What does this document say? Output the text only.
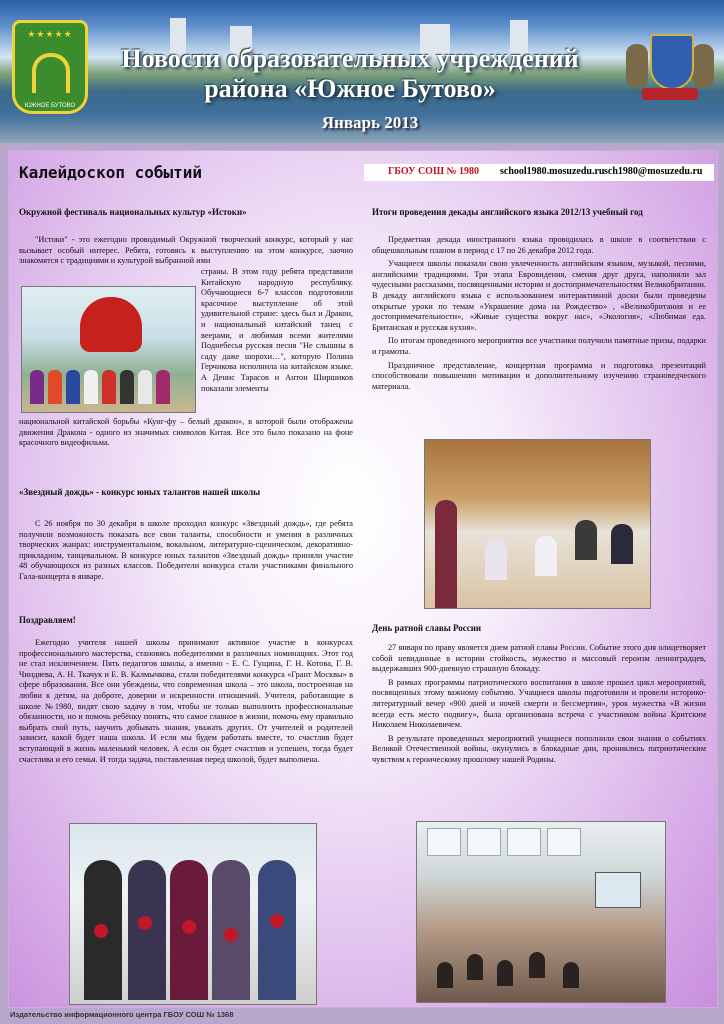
★★★★★
ЮЖНОЕ БУТОВО
Новости образовательных учреждений
района «Южное Бутово»
Январь 2013
Калейдоскоп событий	ГБОУ СОШ № 1980 school1980.mosuzedu.ru sch1980@mosuzedu.ru
Окружной фестиваль национальных культур «Истоки»

"Истоки" - это ежегодно проводимый Окружной творческий конкурс, который у нас вызывает особый интерес. Ребята, готовясь к выступлению на этом конкурсе, заочно знакомятся с традициями и культурой выбранной ими

страны. В этом году ребята представили Китайскую народную республику. Обучающиеся 6-7 классов подготовили красочное выступление об этой удивительной стране: здесь был и Дракон, и национальный китайский танец с веерами, и любимая всеми жителями Поднебесья русская песня "Не слышны в саду даже шорохи…", которую Полина Герчикова исполнила на китайском языке. А Денис Тарасов и Антон Ширшиков показали элементы

национальной китайской борьбы «Кунг-фу – белый дракон», в которой были отображены движения Дракона - одного из значимых символов Китая. Все это было показано на фоне красочного видеофильма.

«Звездный дождь» - конкурс юных талантов нашей школы

С 26 ноября по 30 декабря в школе проходил конкурс «Звездный дождь», где ребята получили возможность показать все свои таланты, способности и умения в различных творческих жанрах: инструментальном, вокальном, литературно-сценическом, декоративно-прикладном, танцевальном. В конкурсе юных талантов «Звездный дождь» приняли участие 48 обучающихся из разных классов. Победители конкурса стали участниками финального Гала-концерта в январе.

Поздравляем!

Ежегодно учителя нашей школы принимают активное участие в конкурсах профессионального мастерства, становясь победителями в различных номинациях. Этот год не стал исключением. Пять педагогов школы, а именно - Е. С. Гущина, Г. Н. Котова, Г. В. Чиндяева, А. Н. Ткачук и Е. В. Калмычкова, стали победителями конкурса «Грант Москвы» в сфере образования. Все они убеждены, что современная школа – это школа, построенная на любви к детям, на доброте, доверии и искренности отношений. Учителя, работающие в школе №1980, видят свою задачу в том, чтобы не только выполнить профессиональные обязанности, но и помочь ребёнку понять, что самое главное в жизни, помочь ему правильно выбрать свой путь, научить добывать знания, уважать других. От учителей и родителей зависит, какой будет наша школа. И если мы будем работать вместе, то счастлив будет вступающий в жизнь маленький человек. А если он будет счастлив и успешен, тогда будет счастлива и его семья. И тогда задача, поставленная перед школой, будет выполнена.

Итоги проведения декады английского языка 2012/13 учебный год

Предметная декада иностранного языка проводилась в школе в соответствии с общешкольным планом в период с 17 по 26 декабря 2012 года.

Учащиеся школы показали свою увлеченность английским языком, музыкой, песнями, английскими традициями. Три этапа Евровидения, сменяя друг друга, наполняли зал чудесными рассказами, посвященными истории и достопримечательностям Великобритании. В декаду английского языка с использованием интерактивной доски были проведены открытые уроки по темам «Украшение дома на Рождество» , «Великобритания и ее достопримечательности», «Живые существа вокруг нас», «Экология», «Любимая еда. Британская и русская кухня».

По итогам проведенного мероприятия все участники получили памятные призы, подарки и грамоты.

Праздничное представление, концертная программа и подготовка презентаций способствовали повышению мотивации и дополнительному изучению страноведческого материала.

День ратной славы России

27 января по праву является днем ратной славы России. Событие этого дня олицетворяет собой невиданные в истории стойкость, мужество и массовый героизм ленинградцев, выдержавших 900-дневную страшную блокаду.

В рамках программы патриотического воспитания в школе прошел цикл мероприятий, посвященных этому важному событию. Учащиеся школы подготовили и провели историко-литературный вечер «900 дней и ночей смерти и бессмертия», урок мужества «В жизни всегда есть место подвигу», была организована встреча с участником войны Критским Николаем Николаевичем.

В результате проведенных мероприятий учащиеся пополнили свои знания о событиях Великой Отечественной войны, окунулись в блокадные дни, прониклись патриотическим чувством к героическому прошлому нашей Родины.

Издательство информационного центра ГБОУ СОШ № 1368
